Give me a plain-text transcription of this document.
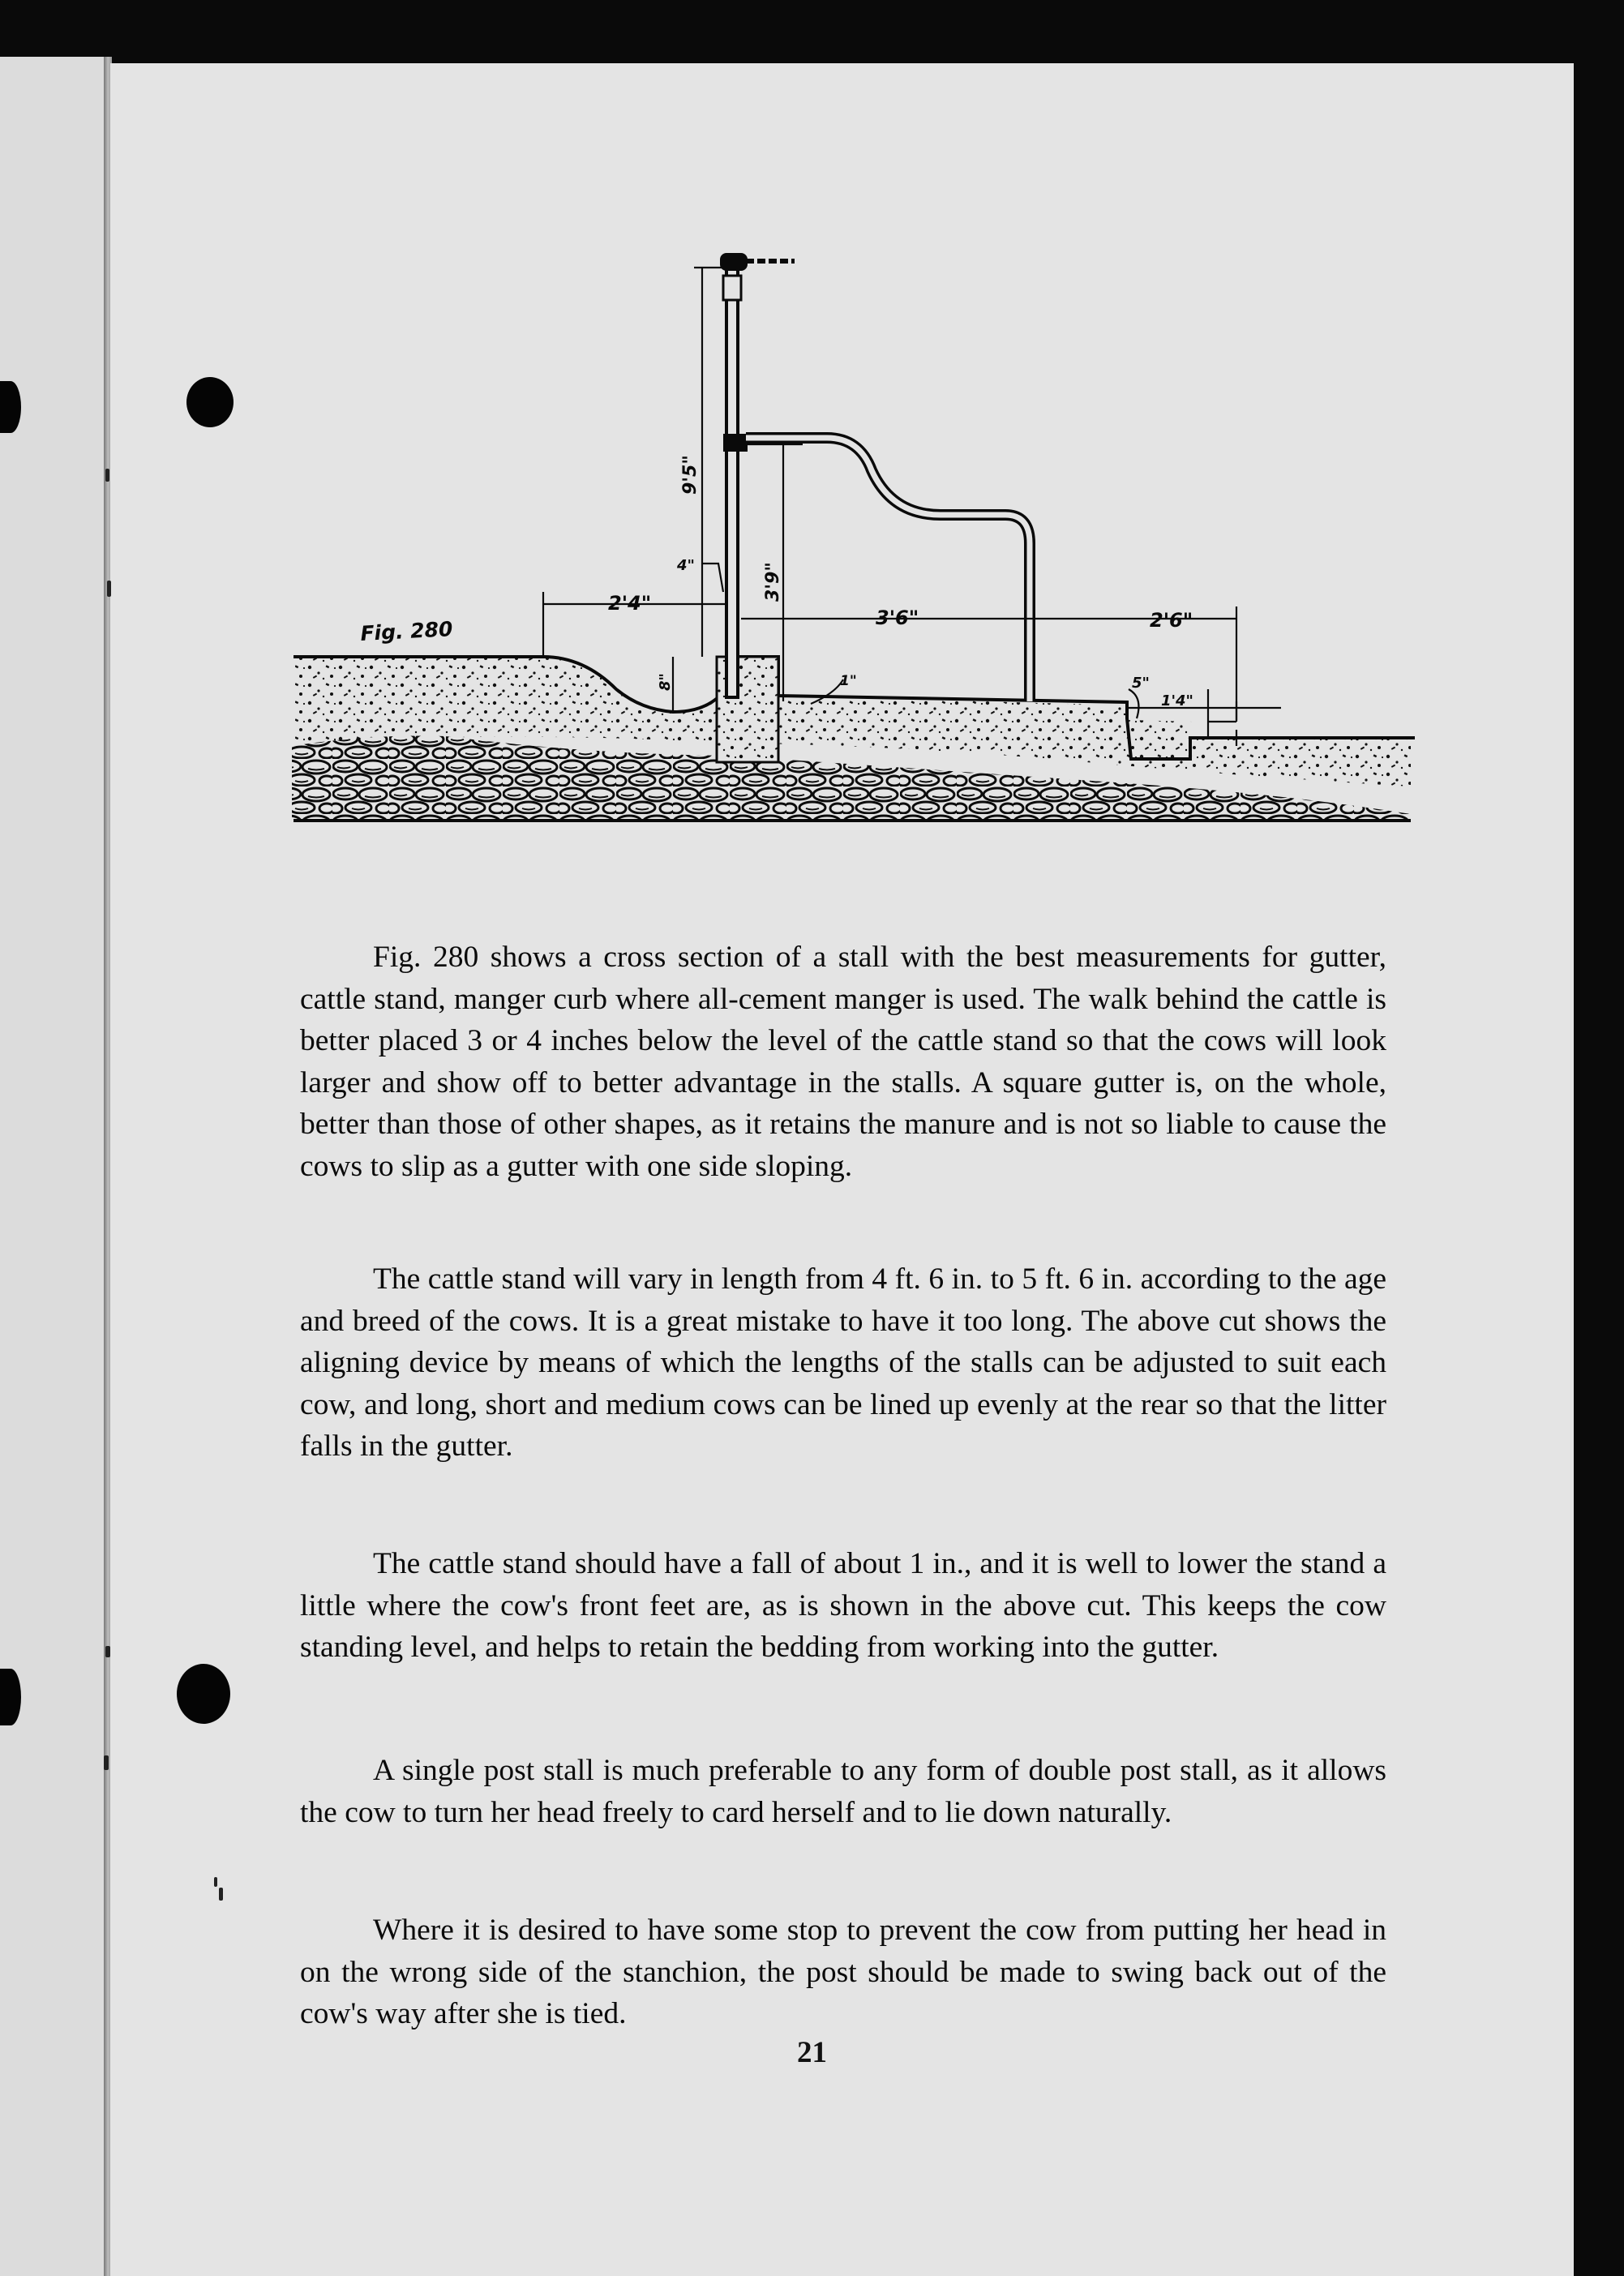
Fig. 280
9'5"
3'9"
2'4"
3'6"	2'6"
4"
8"	1"	5"
1'4"

Fig. 280 shows a cross section of a stall with the best measurements for gutter, cattle stand, manger curb where all-cement manger is used. The walk behind the cattle is better placed 3 or 4 inches below the level of the cattle stand so that the cows will look larger and show off to better advantage in the stalls. A square gutter is, on the whole, better than those of other shapes, as it retains the manure and is not so liable to cause the cows to slip as a gutter with one side sloping.

The cattle stand will vary in length from 4 ft. 6 in. to 5 ft. 6 in. according to the age and breed of the cows. It is a great mistake to have it too long. The above cut shows the aligning device by means of which the lengths of the stalls can be adjusted to suit each cow, and long, short and medium cows can be lined up evenly at the rear so that the litter falls in the gutter.

The cattle stand should have a fall of about 1 in., and it is well to lower the stand a little where the cow's front feet are, as is shown in the above cut. This keeps the cow standing level, and helps to retain the bedding from working into the gutter.

A single post stall is much preferable to any form of double post stall, as it allows the cow to turn her head freely to card herself and to lie down naturally.

Where it is desired to have some stop to prevent the cow from putting her head in on the wrong side of the stanchion, the post should be made to swing back out of the cow's way after she is tied.

21
